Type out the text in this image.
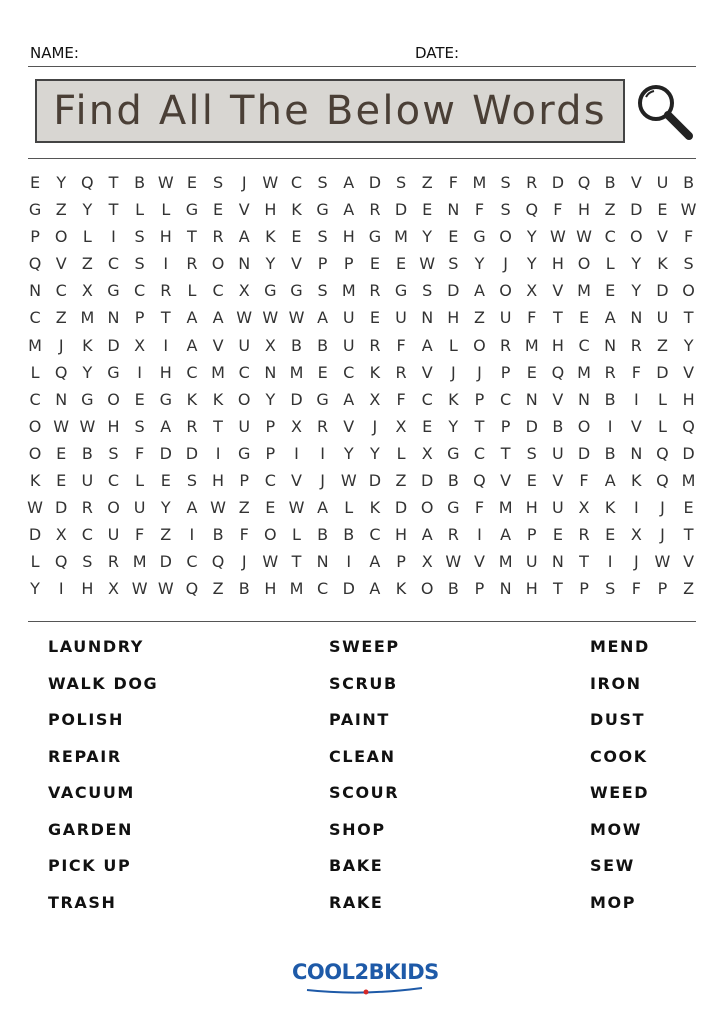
NAME:	DATE:
Find All The Below Words
E	Y Q T B W E	S	J W C S A D S Z	F M S R D Q B V U B
G Z Y	T	L	L G E V H K G A R D E N F	S Q F H Z D E W
P O L	I	S H T R A K E	S H G M Y	E G O Y W W C O V	F
Q V Z C S	I	R O N Y V P	P	E	E W S	Y	J	Y H O L	Y	K S
N C X G C R	L	C X G G S M R G S D A O X V M E	Y D O
C Z M N P	T A A W W W A U E U N H Z U F	T	E A N U T
M	J	K D X	I	A V U X B B U R F	A	L O R M H C N R Z Y
L Q Y G	I	H C M C N M E C K R V	J	J	P	E Q M R F D V
C N G O E G K K O Y D G A X	F C K	P C N V N B	I	L H
O W W H S A R T U P X R V	J	X E	Y	T	P D B O	I	V	L Q
O E B S	F D D	I	G P	I	I	Y	Y	L	X G C T	S U D B N Q D
K E U C	L	E	S H P C V	J W D Z D B Q V E V	F	A K Q M
W D R O U Y A W Z E W A	L	K D O G F M H U X K	I	J	E
D X C U F	Z	I	B	F O L	B B C H A R	I	A P	E R E X	J	T
L Q S R M D C Q	J W T N	I	A P X W V M U N T	I	J W V
Y	I	H X W W Q Z B H M C D A K O B P N H T	P	S	F	P Z
LAUNDRY	SWEEP	MEND
WALK DOG	SCRUB	IRON
POLISH	PAINT	DUST
REPAIR	CLEAN	COOK
VACUUM	SCOUR	WEED
GARDEN	SHOP	MOW
PICK UP	BAKE	SEW
TRASH	RAKE	MOP
COOL2BKIDS
